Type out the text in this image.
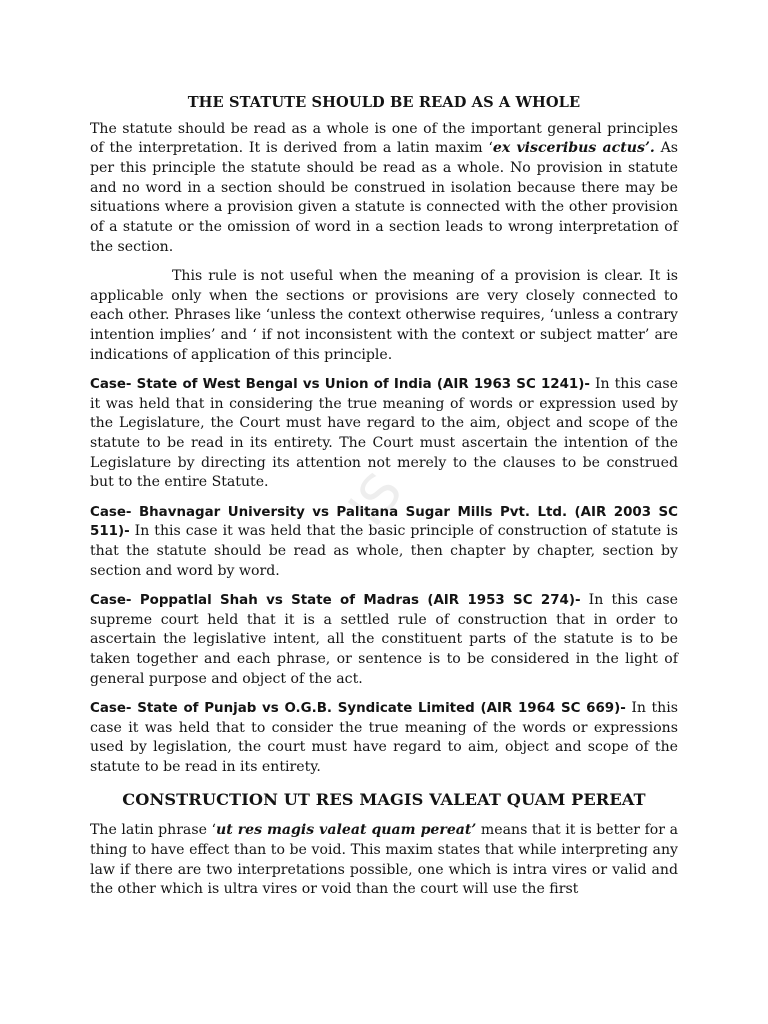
IS
THE STATUTE SHOULD BE READ AS A WHOLE

The statute should be read as a whole is one of the important general principles of the interpretation. It is derived from a latin maxim ‘ex visceribus actus’. As per this principle the statute should be read as a whole. No provision in statute and no word in a section should be construed in isolation because there may be situations where a provision given a statute is connected with the other provision of a statute or the omission of word in a section leads to wrong interpretation of the section.

This rule is not useful when the meaning of a provision is clear. It is applicable only when the sections or provisions are very closely connected to each other. Phrases like ‘unless the context otherwise requires, ‘unless a contrary intention implies’ and ‘ if not inconsistent with the context or subject matter’ are indications of application of this principle.

Case- State of West Bengal vs Union of India (AIR 1963 SC 1241)- In this case it was held that in considering the true meaning of words or expression used by the Legislature, the Court must have regard to the aim, object and scope of the statute to be read in its entirety. The Court must ascertain the intention of the Legislature by directing its attention not merely to the clauses to be construed but to the entire Statute.

Case- Bhavnagar University vs Palitana Sugar Mills Pvt. Ltd. (AIR 2003 SC 511)- In this case it was held that the basic principle of construction of statute is that the statute should be read as whole, then chapter by chapter, section by section and word by word.

Case- Poppatlal Shah vs State of Madras (AIR 1953 SC 274)- In this case supreme court held that it is a settled rule of construction that in order to ascertain the legislative intent, all the constituent parts of the statute is to be taken together and each phrase, or sentence is to be considered in the light of general purpose and object of the act.

Case- State of Punjab vs O.G.B. Syndicate Limited (AIR 1964 SC 669)- In this case it was held that to consider the true meaning of the words or expressions used by legislation, the court must have regard to aim, object and scope of the statute to be read in its entirety.

CONSTRUCTION UT RES MAGIS VALEAT QUAM PEREAT

The latin phrase ‘ut res magis valeat quam pereat’ means that it is better for a thing to have effect than to be void. This maxim states that while interpreting any law if there are two interpretations possible, one which is intra vires or valid and the other which is ultra vires or void than the court will use the first
